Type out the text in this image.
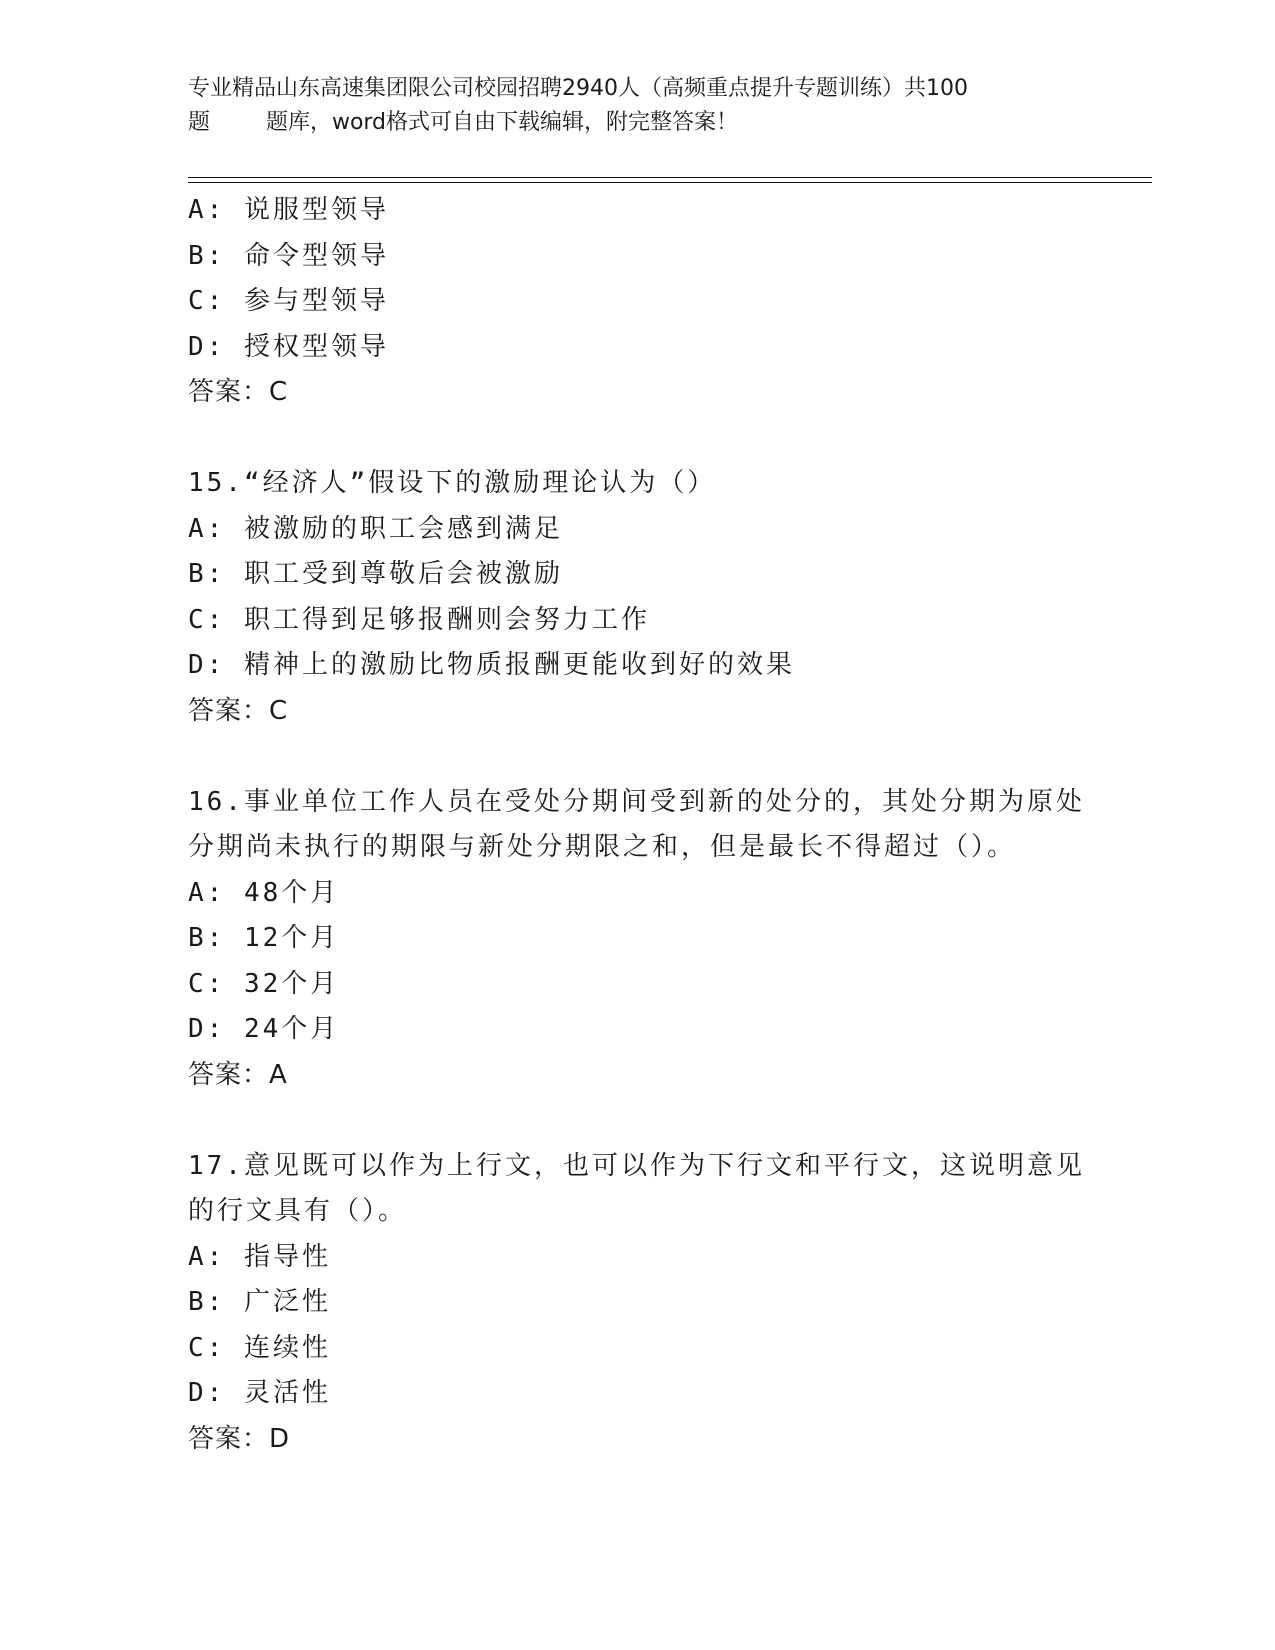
专业精品山东高速集团限公司校园招聘2940人（高频重点提升专题训练）共100
题        题库，word格式可自由下载编辑，附完整答案！
A: 说服型领导
B: 命令型领导
C: 参与型领导
D: 授权型领导
答案：C
15.“经济人”假设下的激励理论认为（）
A: 被激励的职工会感到满足
B: 职工受到尊敬后会被激励
C: 职工得到足够报酬则会努力工作
D: 精神上的激励比物质报酬更能收到好的效果
答案：C
16.事业单位工作人员在受处分期间受到新的处分的，其处分期为原处
分期尚未执行的期限与新处分期限之和，但是最长不得超过（）。
A: 48个月
B: 12个月
C: 32个月
D: 24个月
答案：A
17.意见既可以作为上行文，也可以作为下行文和平行文，这说明意见
的行文具有（）。
A: 指导性
B: 广泛性
C: 连续性
D: 灵活性
答案：D
